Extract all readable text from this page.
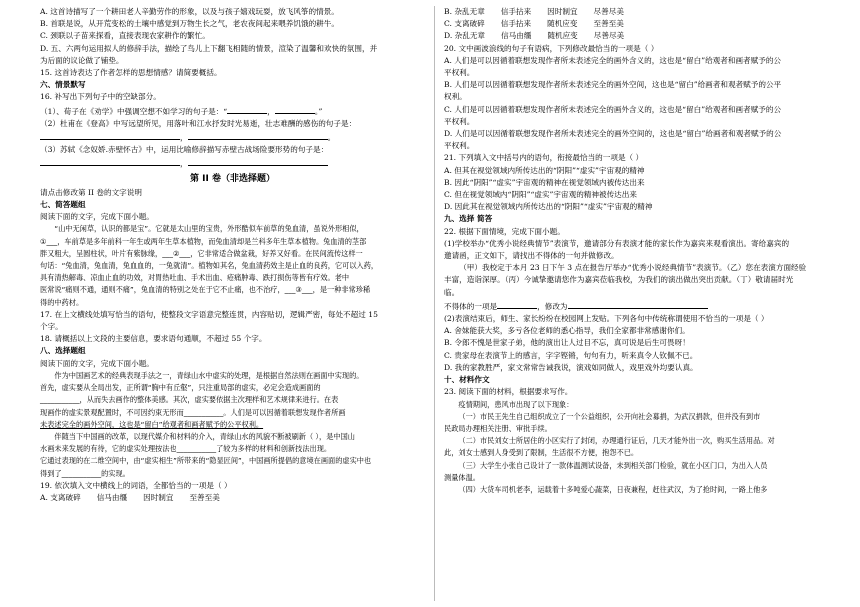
A. 这首诗描写了一个耕田老人辛勤劳作的形象，以及与孩子嬉戏玩耍，放飞风筝的情景。

B. 首联是说，从开荒变松的土壤中感觉到万物生长之气，老农夜间起来喂养饥饿的耕牛。

C. 颈联以子苗来探看，直接表现农家耕作的繁忙。

D. 五、六两句运用拟人的修辞手法，描绘了鸟儿上下翻飞相随的情景，渲染了温馨和欢快的氛围，并

为后面的议论做了铺垫。

15. 这首诗表达了作者怎样的思想情感？请简要概括。

六、情景默写

16. 补写出下列句子中的空缺部分。

（1）、荀子在《劝学》中强调空想不如学习的句子是：“	，	。”

（2）杜甫在《登高》中写远望所见，用落叶和江水抒发时光易逝，壮志难酬的感伤的句子是：

，	。

（3）苏轼《念奴娇.赤壁怀古》中，运用比喻修辞描写赤壁古战场险要形势的句子是：

，

第 II 卷（非选择题）

请点击修改第 II 卷的文字说明

七、简答题组

阅读下面的文字，完成下面小题。

“山中无闲草，认识的都是宝”。它就是太山里的宝贵，外形酷似车前草的兔血清，虽说外形相似，

①___，车前草是多年前科一年生或两年生草本植物，而兔血清却是兰科多年生草本植物。兔血清的茎部

胖又粗大，呈圆柱状，叶片有紫脉缘，___②___，它非常适合做盆栽，好养又好看。在民间流传这样一

句话：“兔血清，兔血清，兔血血的，一兔就清”。植物如其名，兔血清药效主是止血的良药，它可以入药，

具有清热解毒、凉血止血的功效，对胃热吐血、手术出血、疮痛肿毒、跌打损伤等皆有疗效。老中

医常说“痛则不通，通则不痛”，兔血清的特别之处在于它不止痛，也不治疗，___③___，是一种非常珍稀

得的中药材。

17. 在上文横线处填写恰当的语句，使整段文字语意完整连贯，内容贴切，逻辑严密，每处不超过 15

个字。

18. 请概括以上文段的主要信息，要求语句通顺，不超过 55 个字。

八、选择题组

阅读下面的文字，完成下面小题。

作为中国画艺术的经典表现手法之一，青绿山水中虚实的处理，是根据自然法则在画面中实现的。

首先，虚实要从全局出发，正所谓“胸中有丘壑”，只注重局部的虚实，必定会造成画面的

___________，从而失去画作的整体美感。其次，虚实要依据主次理样和艺术规律来进行。在表

现画作的虚实景观配置时，不可因约束无形而___________。人们是可以因循着联想发现作者所画

未表述完全的画外空间，这也是“留白”给观者和画者赋予的公平权利。

伴随当下中国画的改革，以现代媒介和材料的介入，青绿山水的风貌不断被刷新（ ），是中国山

水画未来发展的有待，它的虚实处理按法也___________了较为多样的材料和创新技法出现。

它通过表现的在二维空间中，由“虚实相生”所带来的“隐显匠间”，中国画所提倡的意境在画面的虚实中也

得到了___________的实现。

19. 依次填入文中横线上的词语，全都恰当的一项是（ ）

A. 支离破碎 信马由缰 因时制宜 至善至美

B. 杂乱无章 信手拈来 因时制宜 尽善尽美

C. 支离破碎 信手拈来 随机应变 至善至美

D. 杂乱无章 信马由缰 随机应变 尽善尽美

20. 文中画波浪线的句子有语病，下列修改最恰当的一项是（ ）

A. 人们是可以因循着联想发现作者所未表述完全的画外含义的，这也是“留白”给观者和画者赋予的公

平权利。

B. 人们是可以因循着联想发现作者所未表述完全的画外空间，这也是“留白”给画者和观者赋予的公平

权利。

C. 人们是可以因循着联想发现作者所未表述完全的画外含义的，这也是“留白”给观者和画者赋予的公

平权利。

D. 人们是可以因循着联想发现作者所未表述完全的画外空间的，这也是“留白”给画者和观者赋予的公

平权利。

21. 下列填入文中括号内的语句，衔接最恰当的一项是（ ）

A. 但其在视觉领域内所传达出的“阴阳”“虚实”宇宙观的精神

B. 因此“阴阳”“虚实”宇宙观的精神在视觉领域内被传达出来

C. 但在视觉领域内“阴阳”“虚实”宇宙观的精神被传达出来

D. 因此其在视觉领域内所传达出的“阴阳”“虚实”宇宙观的精神

九、选择 简答

22. 根据下面情境，完成下面小题。

(1)学校举办“优秀小说经典情节”表演节，邀请部分有表演才能的家长作为嘉宾来观看演出。寄给嘉宾的

邀请函，正文如下，请找出不得体的一句并做修改。

（甲）我校定于本月 23 日下午 3 点在报告厅举办“优秀小说经典情节”表演节。（乙）您在表演方面经验

丰富，造诣深厚。（丙）今诚挚邀请您作为嘉宾莅临我校，为我们的演出做出突出贡献。（丁）敬请届时光

临。

不得体的一项是	，修改为

(2)表演结束后，师生、家长纷纷在校园网上发贴。下列各句中传统称谓使用不恰当的一项是（ ）

A. 舍妹能获大奖，多亏各位老师的悉心指导，我们全家都非常感谢你们。

B. 令郎不愧是世家子弟，他的演出让人过目不忘，真可说是后生可畏呀！

C. 贵家母在表演节上的感言，字字铿锵，句句有力，听来真令人钦佩不已。

D. 我的家教胜严，家文常常告诫我说，演戏如同做人，戏里戏外均要认真。

十、材料作文

23. 阅读下面的材料，根据要求写作。

疫情期间，患风市出现了以下现象：

（一）市民王先生自己组织成立了一个公益组织，公开向社会募捐，为武汉捐款，但并没有到市

民政局办理相关注册、审批手续。

（二）市民刘女士所居住的小区实行了封闭，办理通行证后，几天才能外出一次，购买生活用品。对

此，刘女士感到人身受到了限制，生活很不方便，抱怨不已。

（三）大学生小张自己设计了一款体温测试设备，未到相关部门检验，就在小区门口，为出入人员

测量体温。

（四）大货车司机老李，运载着十多吨爱心蔬菜，日夜兼程，赶往武汉，为了抢时间，一路上他多
